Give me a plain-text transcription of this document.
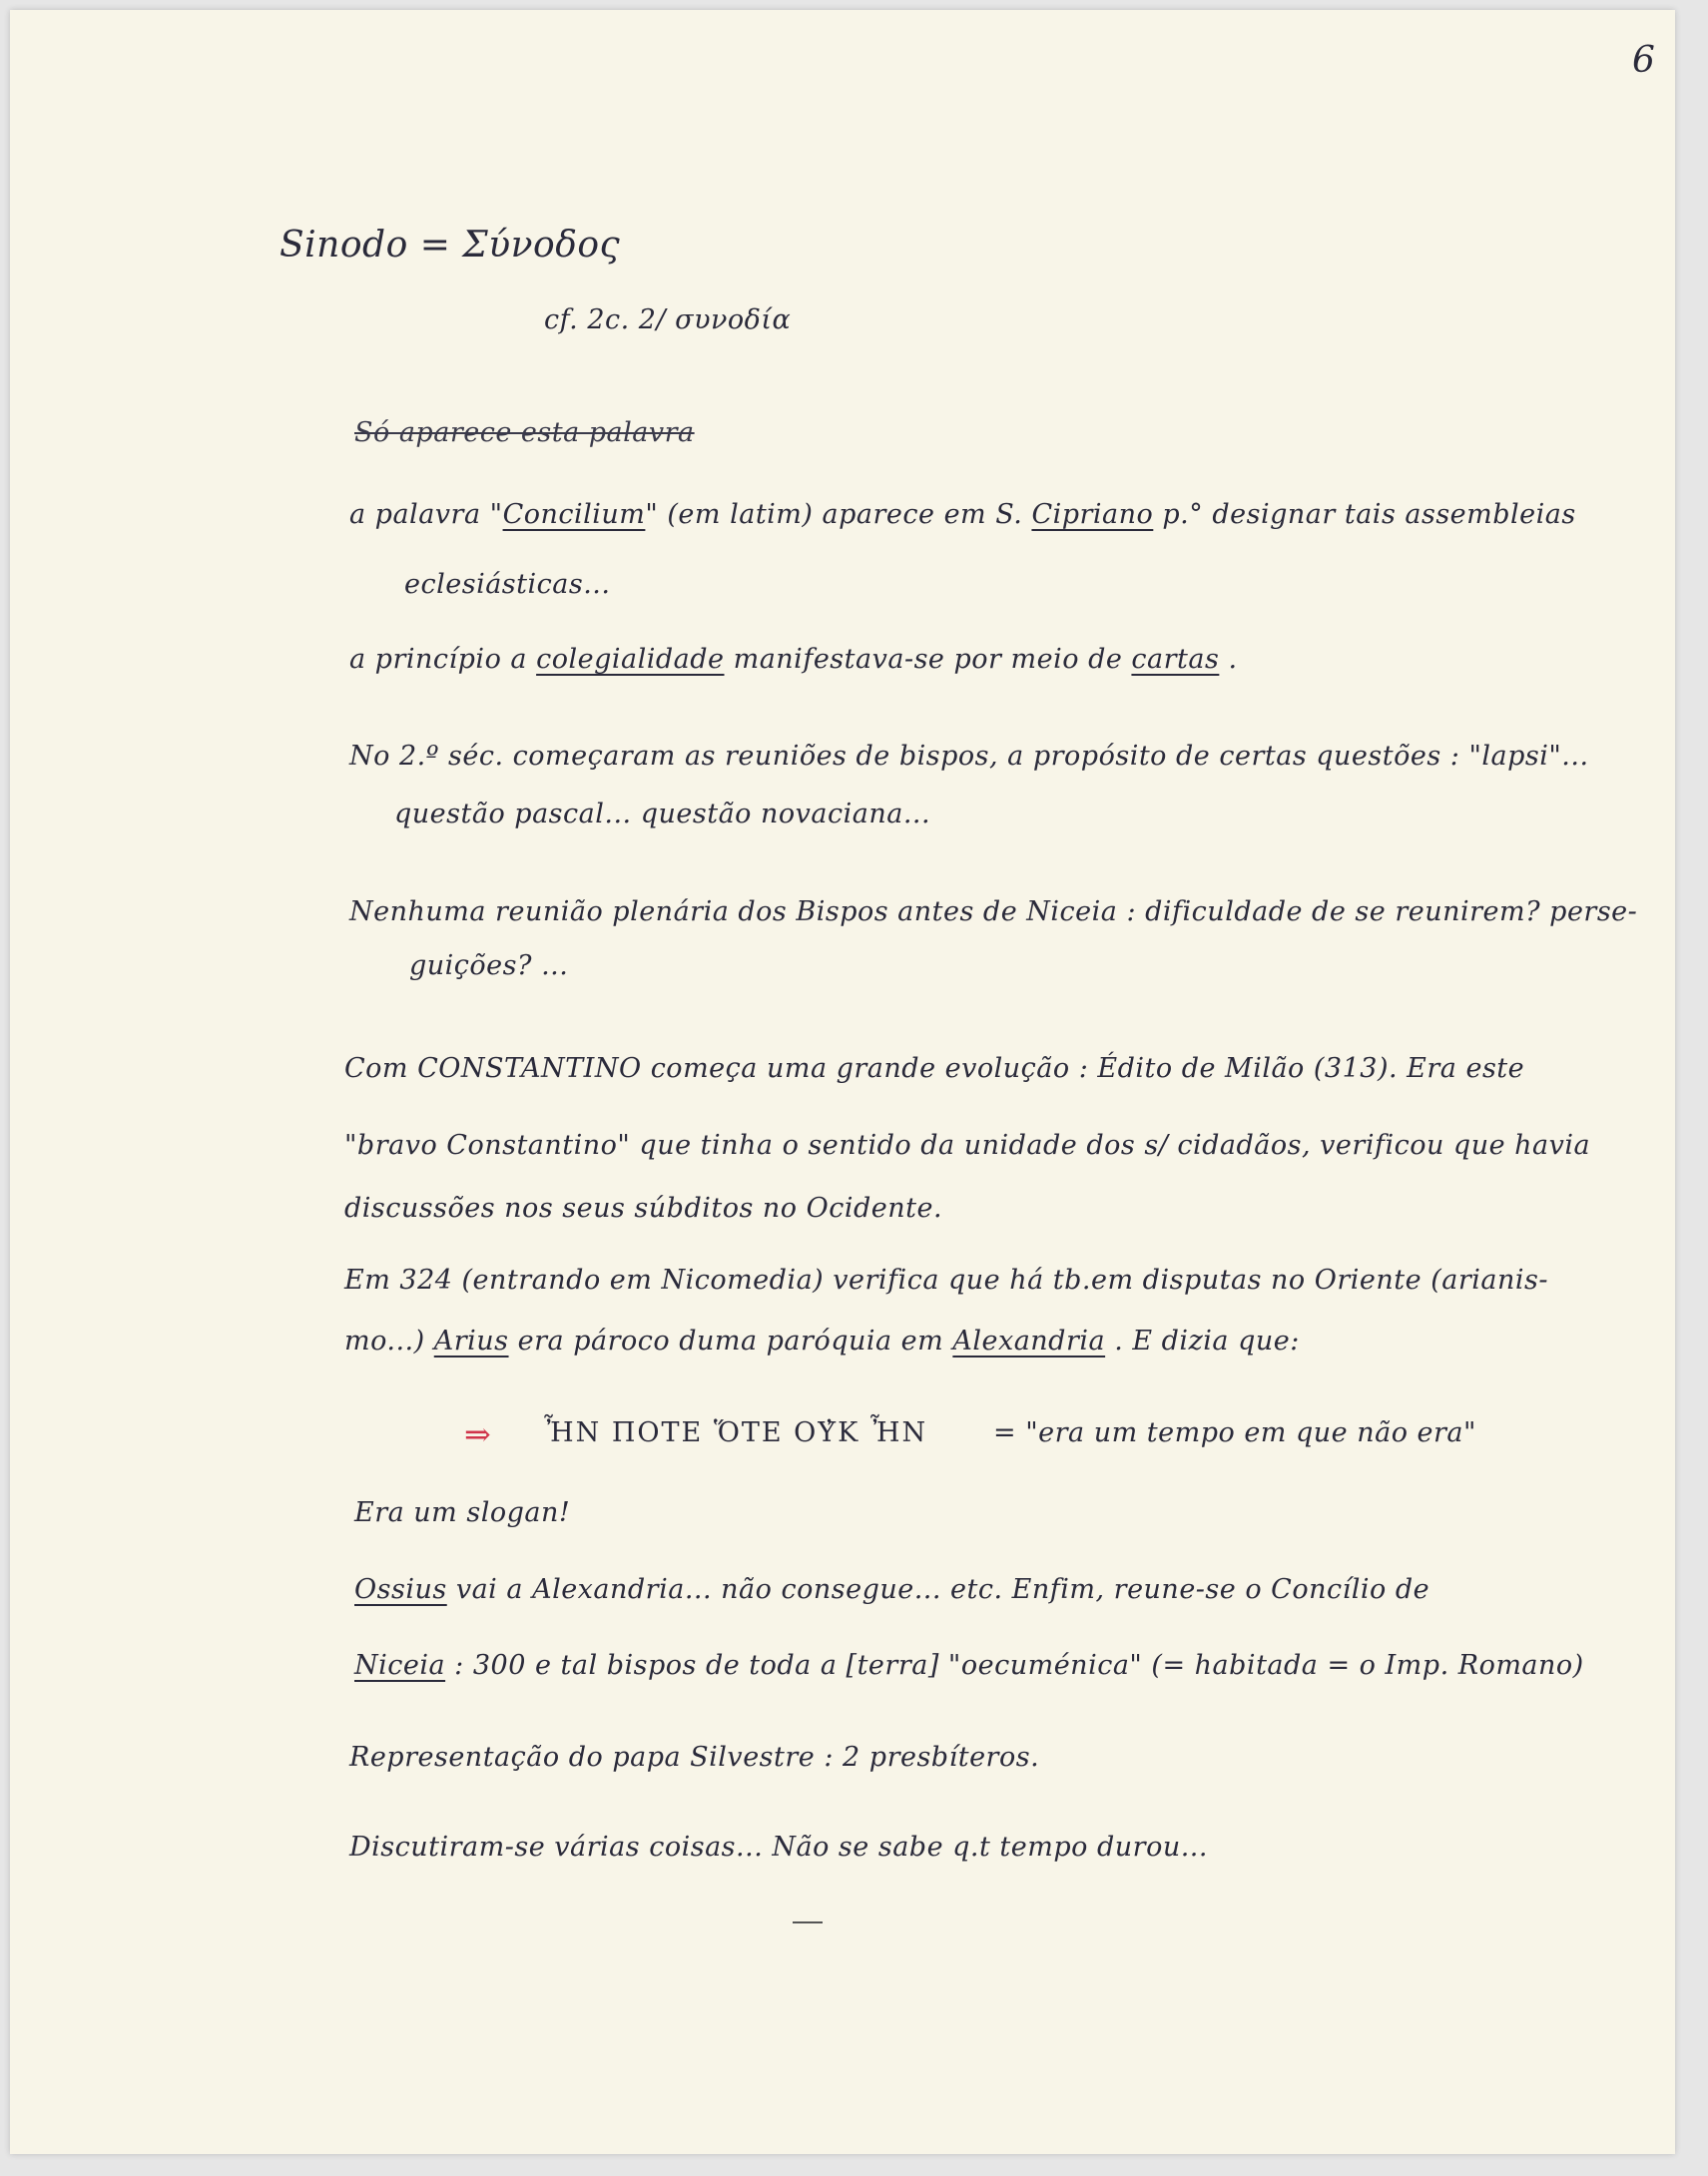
6
Sinodo = Σύνοδος
cf. 2c. 2/ συνοδία
Só aparece esta palavra
a palavra "Concilium" (em latim) aparece em S. Cipriano p.° designar tais assembleias
eclesiásticas...
a princípio a colegialidade manifestava-se por meio de cartas .
No 2.º séc. começaram as reuniões de bispos, a propósito de certas questões : "lapsi"...
questão pascal... questão novaciana...
Nenhuma reunião plenária dos Bispos antes de Niceia : dificuldade de se reunirem? perse-
guições? ...
Com CONSTANTINO começa uma grande evolução : Édito de Milão (313). Era este
"bravo Constantino" que tinha o sentido da unidade dos s/ cidadãos, verificou que havia
discussões nos seus súbditos no Ocidente.
Em 324 (entrando em Nicomedia) verifica que há tb.em disputas no Oriente (arianis-
mo...) Arius era pároco duma paróquia em Alexandria . E dizia que:
⇒ ἮΝ ΠΟΤΕ ὍΤΕ ΟΥ̓Κ ἮΝ = "era um tempo em que não era"
Era um slogan!
Ossius vai a Alexandria... não consegue... etc. Enfim, reune-se o Concílio de
Niceia : 300 e tal bispos de toda a [terra] "oecuménica" (= habitada = o Imp. Romano)
Representação do papa Silvestre : 2 presbíteros.
Discutiram-se várias coisas... Não se sabe q.t tempo durou...
